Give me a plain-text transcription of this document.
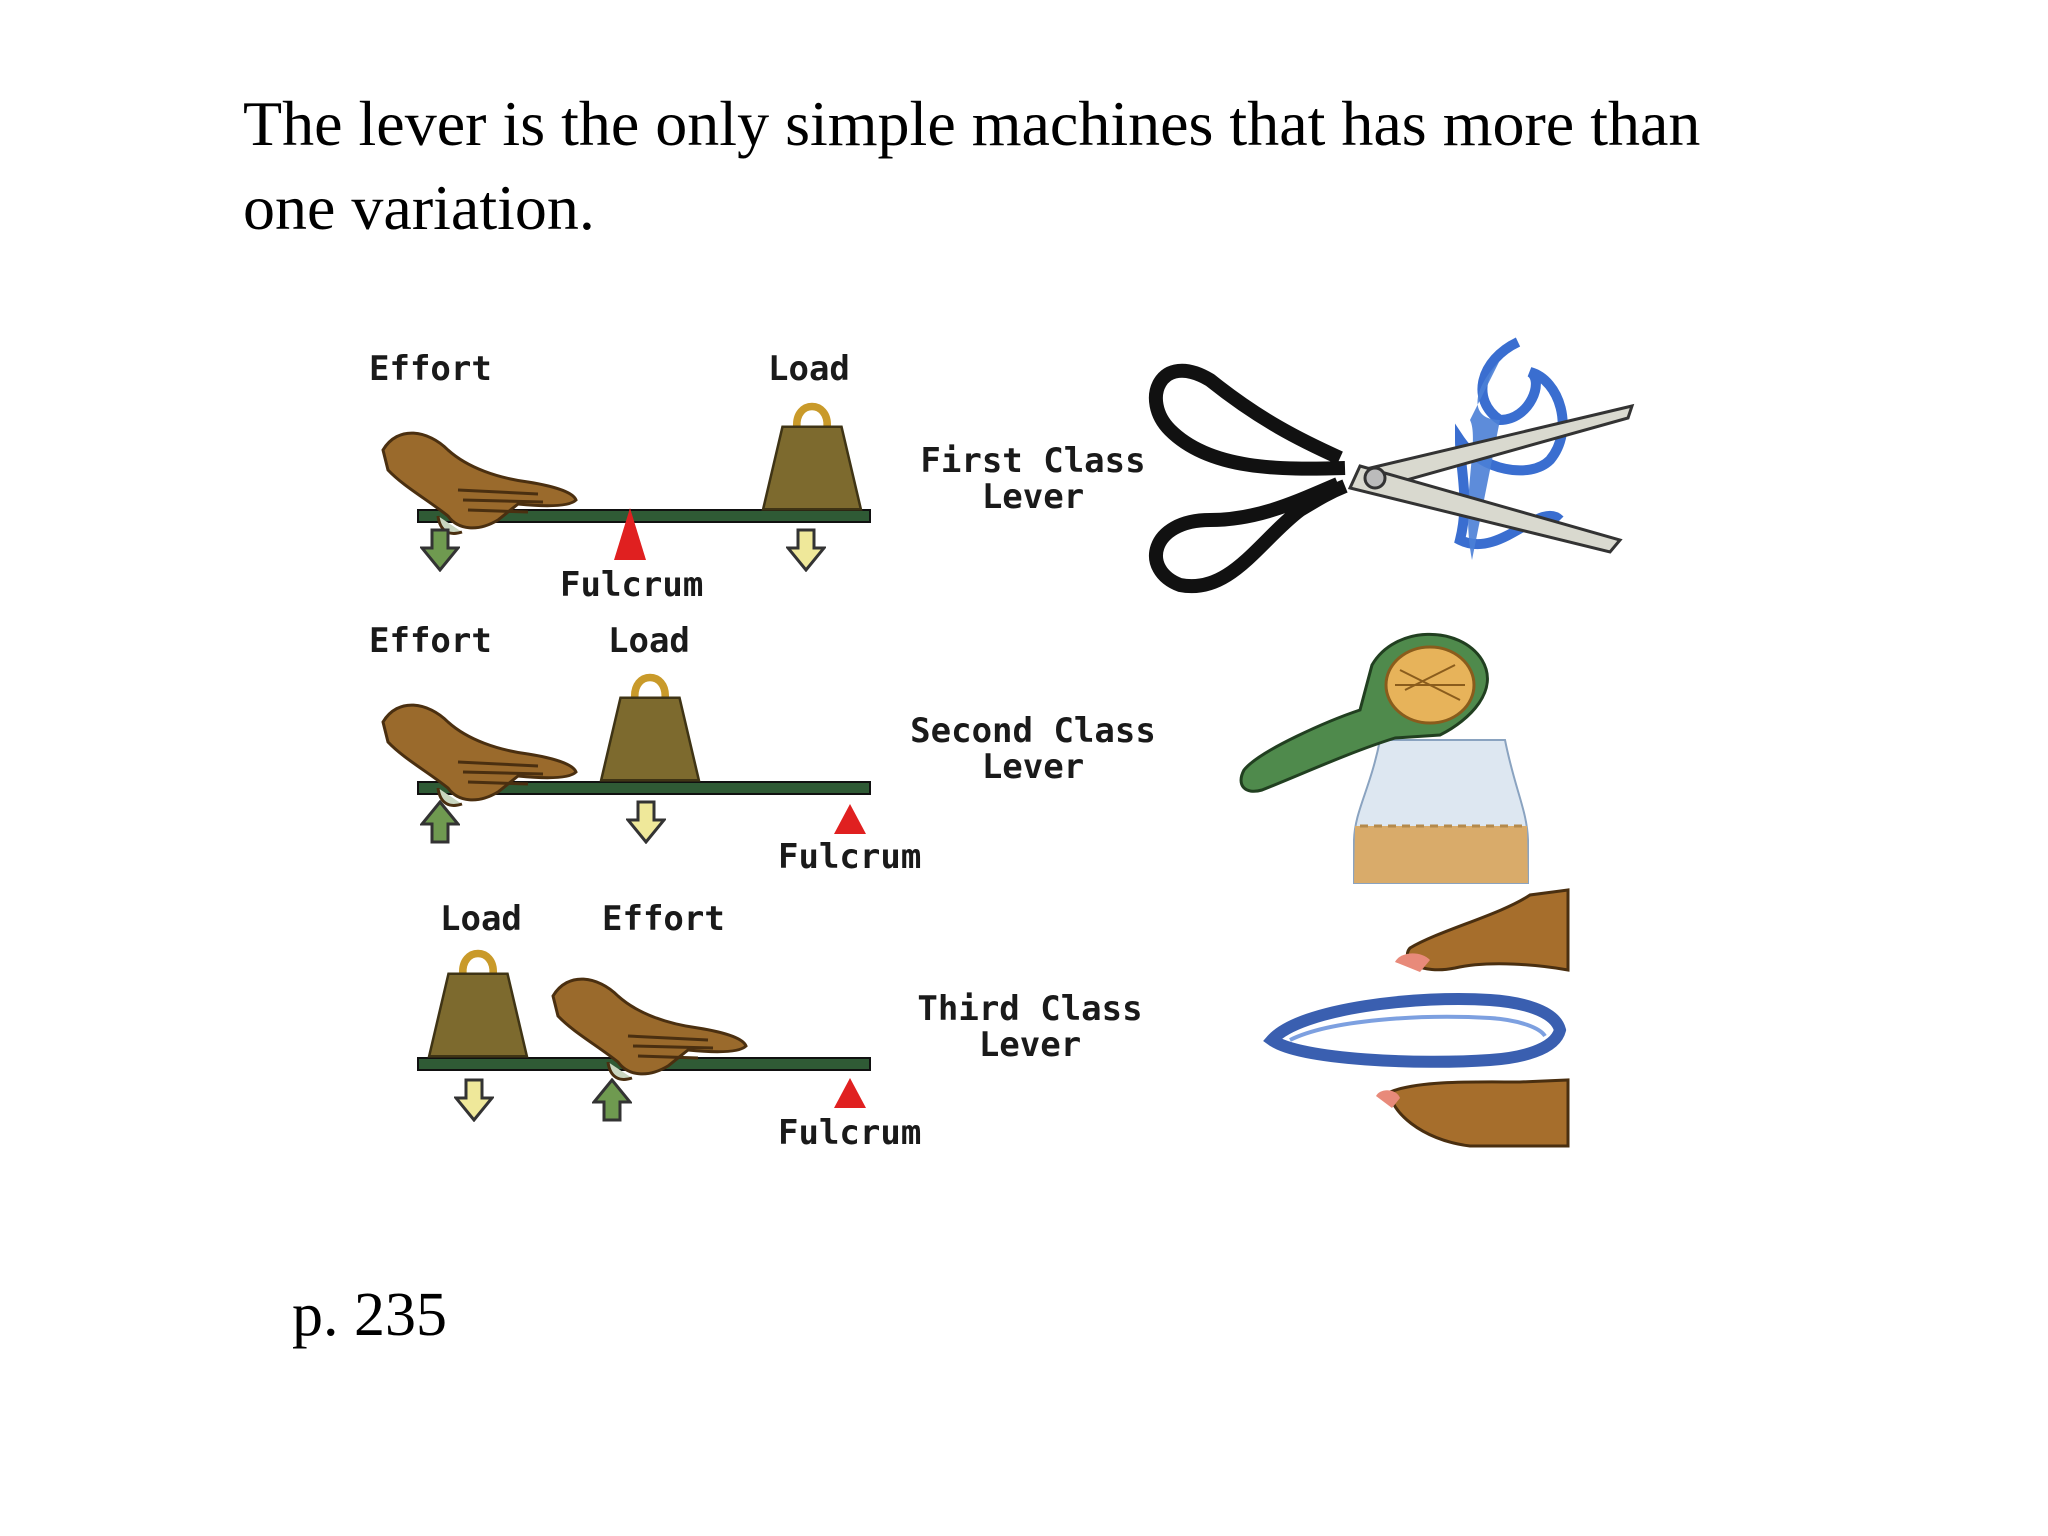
The lever is the only simple machines that has more than
one variation.
Effort	Load
Fulcrum
First Class
Lever
Effort	Load
Fulcrum
Second Class
Lever
Load Effort
Fulcrum
Third Class
Lever
p. 235
